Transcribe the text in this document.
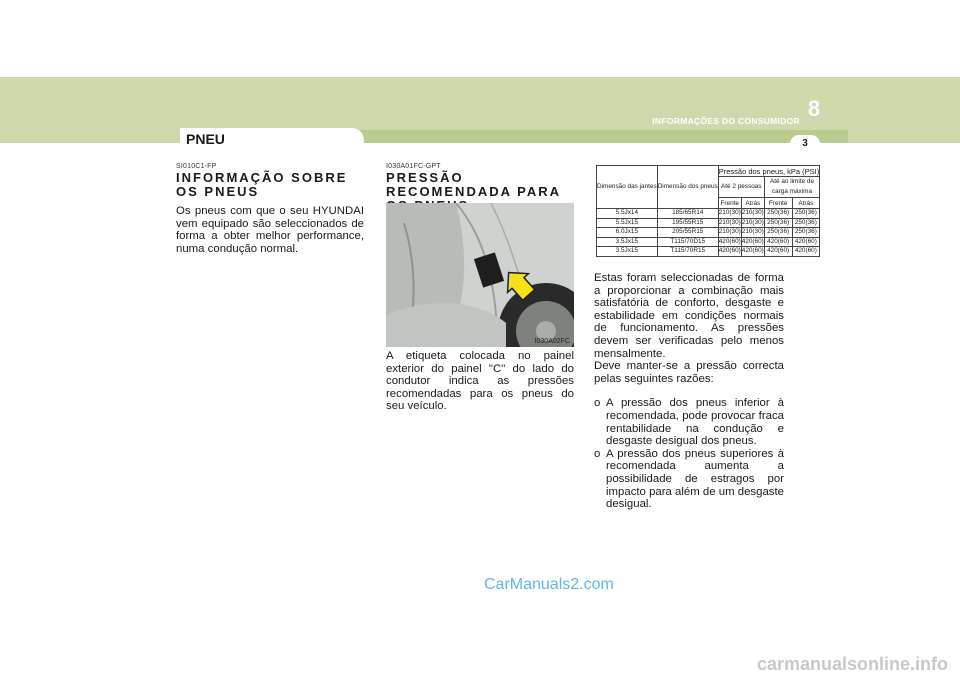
PNEU
INFORMAÇÕES DO CONSUMIDOR 8
3
SI010C1-FP
INFORMAÇÃO SOBRE OS PNEUS
Os pneus com que o seu HYUNDAI vem equipado são seleccionados de forma a obter melhor performance, numa condução normal.
I030A01FC-GPT
PRESSÃO RECOMENDADA PARA
I030A02FC
A etiqueta colocada no painel exterior do painel "C" do lado do condutor indica as pressões recomendadas para os pneus do seu veículo.
Dimensão das jantes	Dimensão dos pneus	Pressão dos pneus, kPa (PSI)			
		Até 2 pessoas		Até ao limite de carga máxima	
		Frente	Atrás	Frente	Atrás
5.5Jx14	185/65R14	210(30)	210(30)	250(36)	250(36)
5.5Jx15	195/55R15	210(30)	210(30)	250(36)	250(36)
6.0Jx15	205/55R15	210(30)	210(30)	250(36)	250(36)
3.5Jx15	T115/70D15	420(60)	420(60)	420(60)	420(60)
3.5Jx15	T115/70R15	420(60)	420(60)	420(60)	420(60)
Estas foram seleccionadas de forma a proporcionar a combinação mais satisfatória de conforto, desgaste e estabilidade em condições normais de funcionamento. As pressões devem ser verificadas pelo menos mensalmente.
Deve manter-se a pressão correcta pelas seguintes razões:
o A pressão dos pneus inferior à recomendada, pode provocar fraca rentabilidade na condução e desgaste desigual dos pneus.
o A pressão dos pneus superiores à recomendada aumenta a possibilidade de estragos por impacto para além de um desgaste desigual.
CarManuals2.com
carmanualsonline.info
